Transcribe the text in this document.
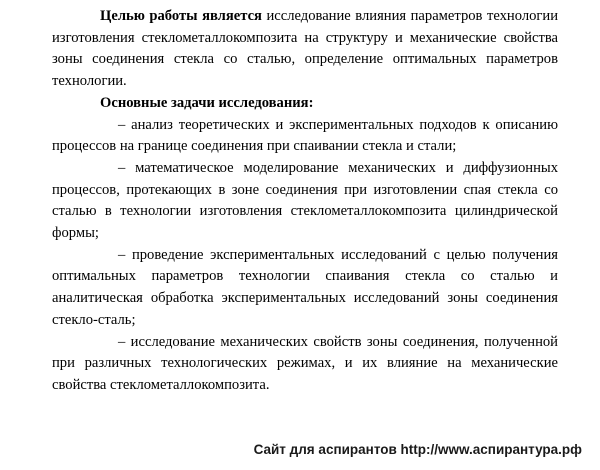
Целью работы является исследование влияния параметров технологии изготовления стеклометаллокомпозита на структуру и механические свойства зоны соединения стекла со сталью, определение оптимальных параметров технологии.

Основные задачи исследования:

– анализ теоретических и экспериментальных подходов к описанию процессов на границе соединения при спаивании стекла и стали;

– математическое моделирование механических и диффузионных процессов, протекающих в зоне соединения при изготовлении спая стекла со сталью в технологии изготовления стеклометаллокомпозита цилиндрической формы;

– проведение экспериментальных исследований с целью получения оптимальных параметров технологии спаивания стекла со сталью и аналитическая обработка экспериментальных исследований зоны соединения стекло-сталь;

– исследование механических свойств зоны соединения, полученной при различных технологических режимах, и их влияние на механические свойства стеклометаллокомпозита.

Сайт для аспирантов http://www.аспирантура.рф
